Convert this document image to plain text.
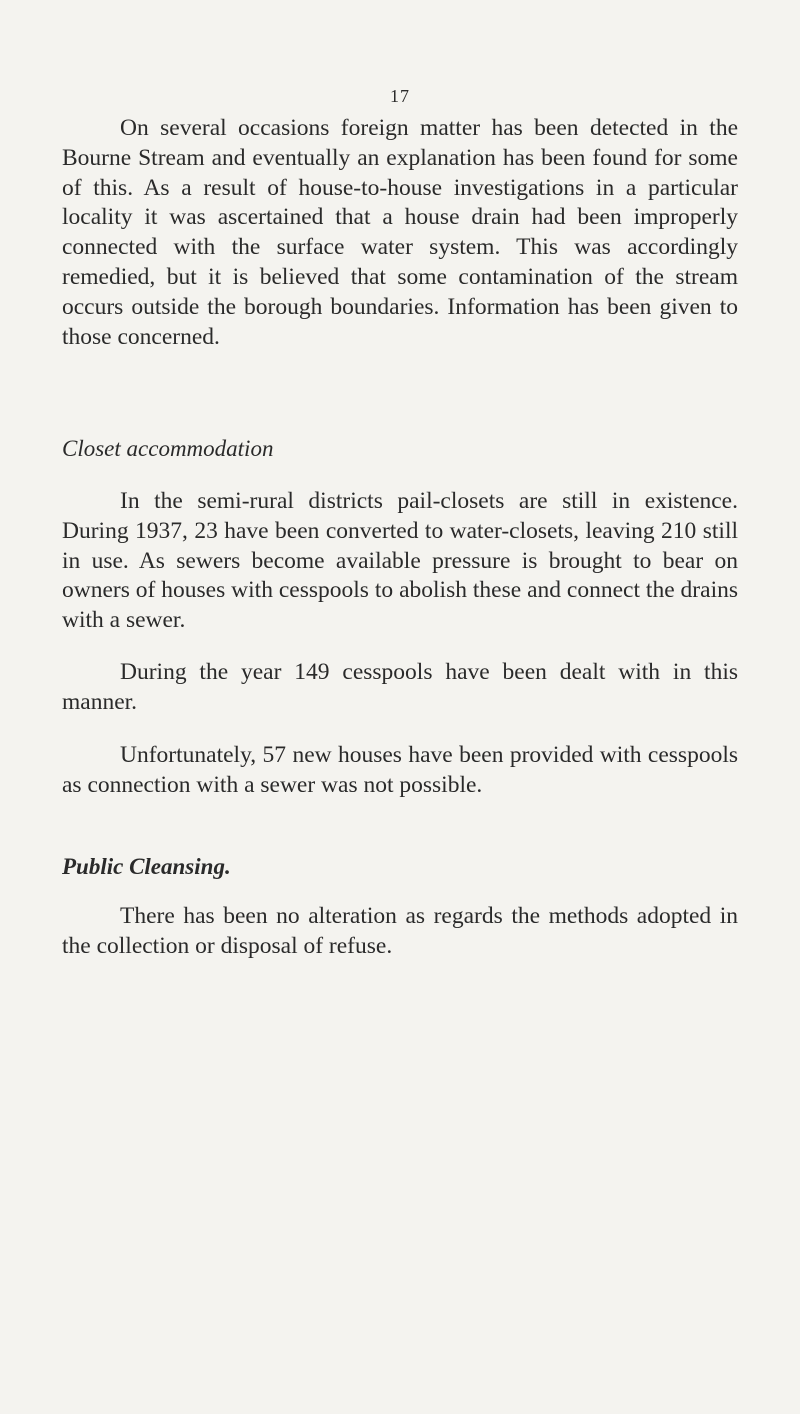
17

On several occasions foreign matter has been detected in the Bourne Stream and eventually an explanation has been found for some of this. As a result of house-to-house investigations in a particular locality it was ascertained that a house drain had been improperly connected with the surface water system. This was accordingly remedied, but it is believed that some contamination of the stream occurs outside the borough boundaries. Information has been given to those concerned.

Closet accommodation

In the semi-rural districts pail-closets are still in existence. During 1937, 23 have been converted to water-closets, leaving 210 still in use. As sewers become available pressure is brought to bear on owners of houses with cesspools to abolish these and connect the drains with a sewer.

During the year 149 cesspools have been dealt with in this manner.

Unfortunately, 57 new houses have been provided with cesspools as connection with a sewer was not possible.

Public Cleansing.

There has been no alteration as regards the methods adopted in the collection or disposal of refuse.
